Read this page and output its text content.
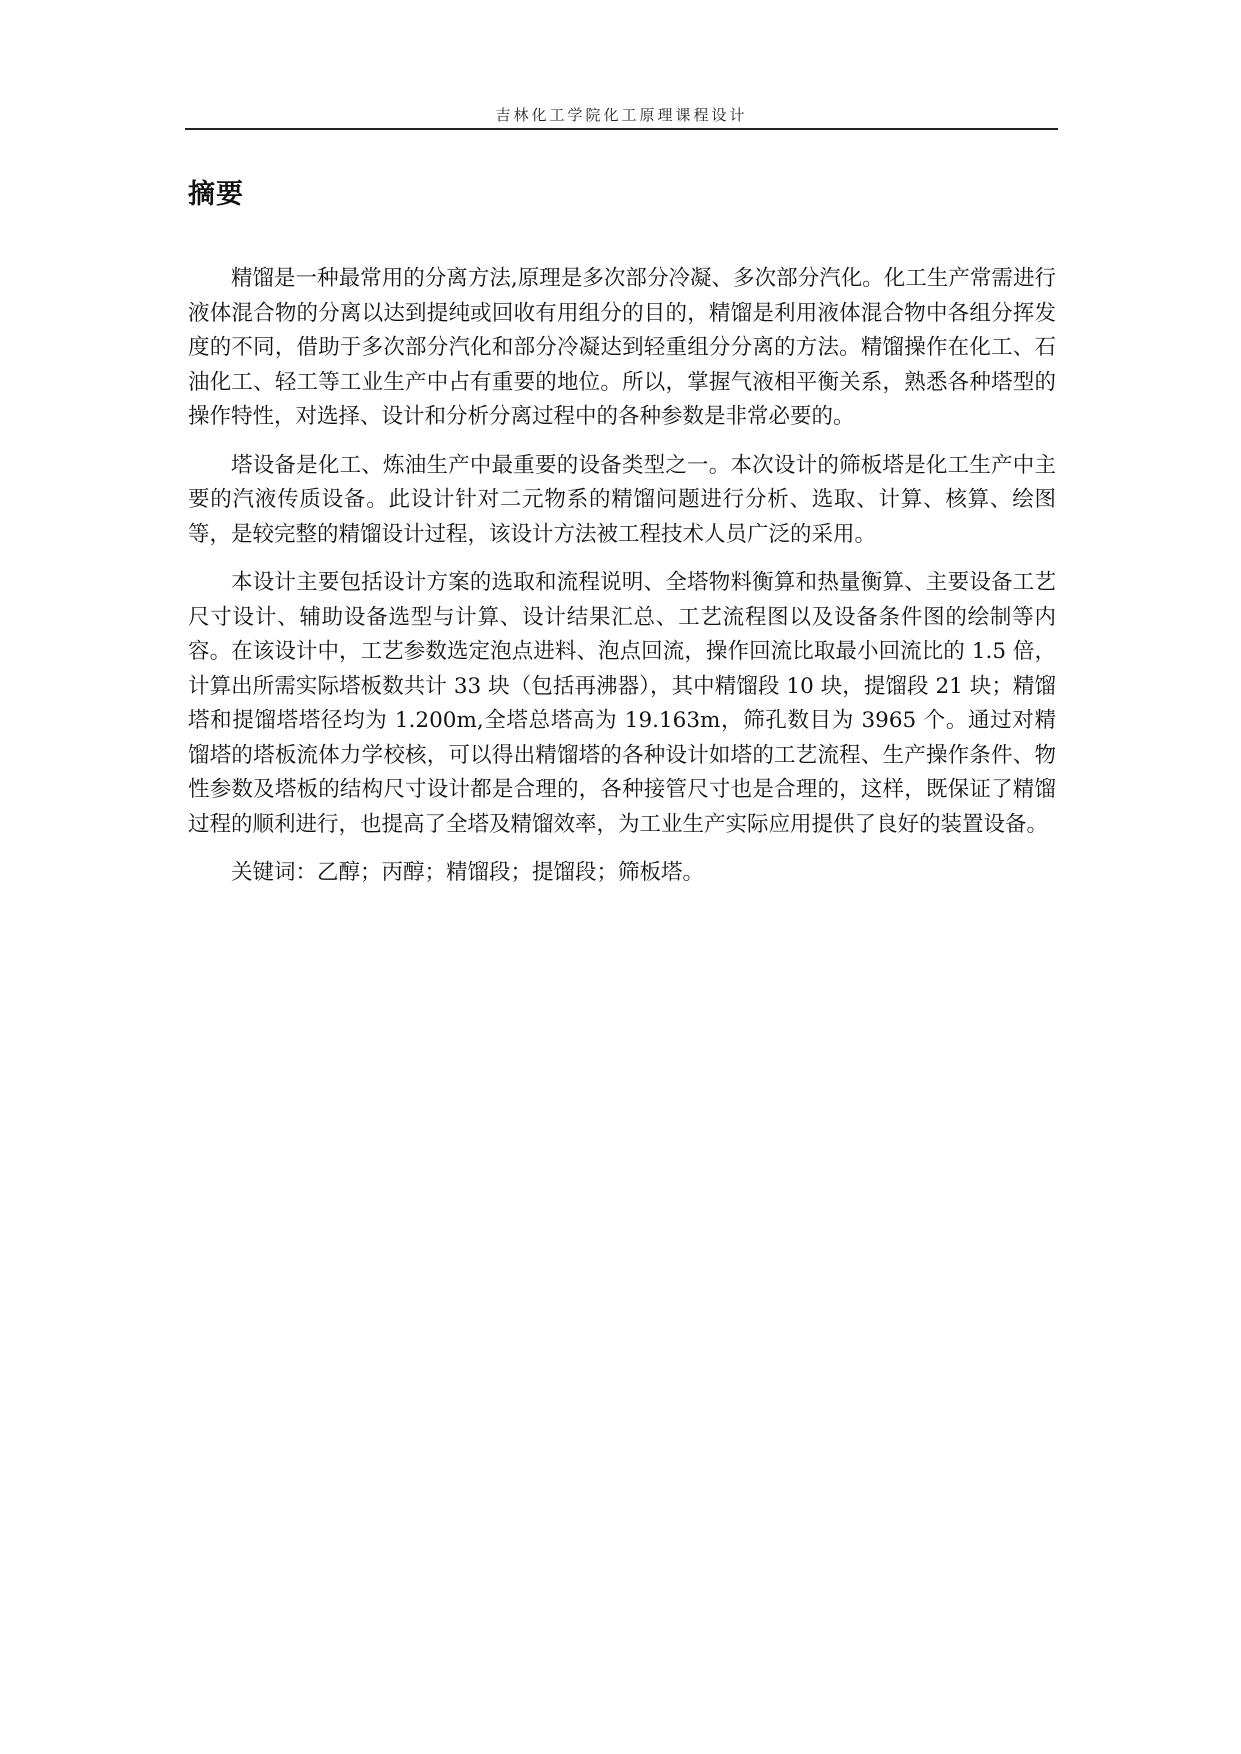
吉林化工学院化工原理课程设计
摘要

精馏是一种最常用的分离方法,原理是多次部分冷凝、多次部分汽化。化工生产常需进行液体混合物的分离以达到提纯或回收有用组分的目的，精馏是利用液体混合物中各组分挥发度的不同，借助于多次部分汽化和部分冷凝达到轻重组分分离的方法。精馏操作在化工、石油化工、轻工等工业生产中占有重要的地位。所以，掌握气液相平衡关系，熟悉各种塔型的操作特性，对选择、设计和分析分离过程中的各种参数是非常必要的。

塔设备是化工、炼油生产中最重要的设备类型之一。本次设计的筛板塔是化工生产中主要的汽液传质设备。此设计针对二元物系的精馏问题进行分析、选取、计算、核算、绘图等，是较完整的精馏设计过程，该设计方法被工程技术人员广泛的采用。

本设计主要包括设计方案的选取和流程说明、全塔物料衡算和热量衡算、主要设备工艺尺寸设计、辅助设备选型与计算、设计结果汇总、工艺流程图以及设备条件图的绘制等内容。在该设计中，工艺参数选定泡点进料、泡点回流，操作回流比取最小回流比的 1.5 倍，计算出所需实际塔板数共计 33 块（包括再沸器），其中精馏段 10 块，提馏段 21 块；精馏塔和提馏塔塔径均为 1.200m,全塔总塔高为 19.163m，筛孔数目为 3965 个。通过对精馏塔的塔板流体力学校核，可以得出精馏塔的各种设计如塔的工艺流程、生产操作条件、物性参数及塔板的结构尺寸设计都是合理的，各种接管尺寸也是合理的，这样，既保证了精馏过程的顺利进行，也提高了全塔及精馏效率，为工业生产实际应用提供了良好的装置设备。

关键词：乙醇；丙醇；精馏段；提馏段；筛板塔。
